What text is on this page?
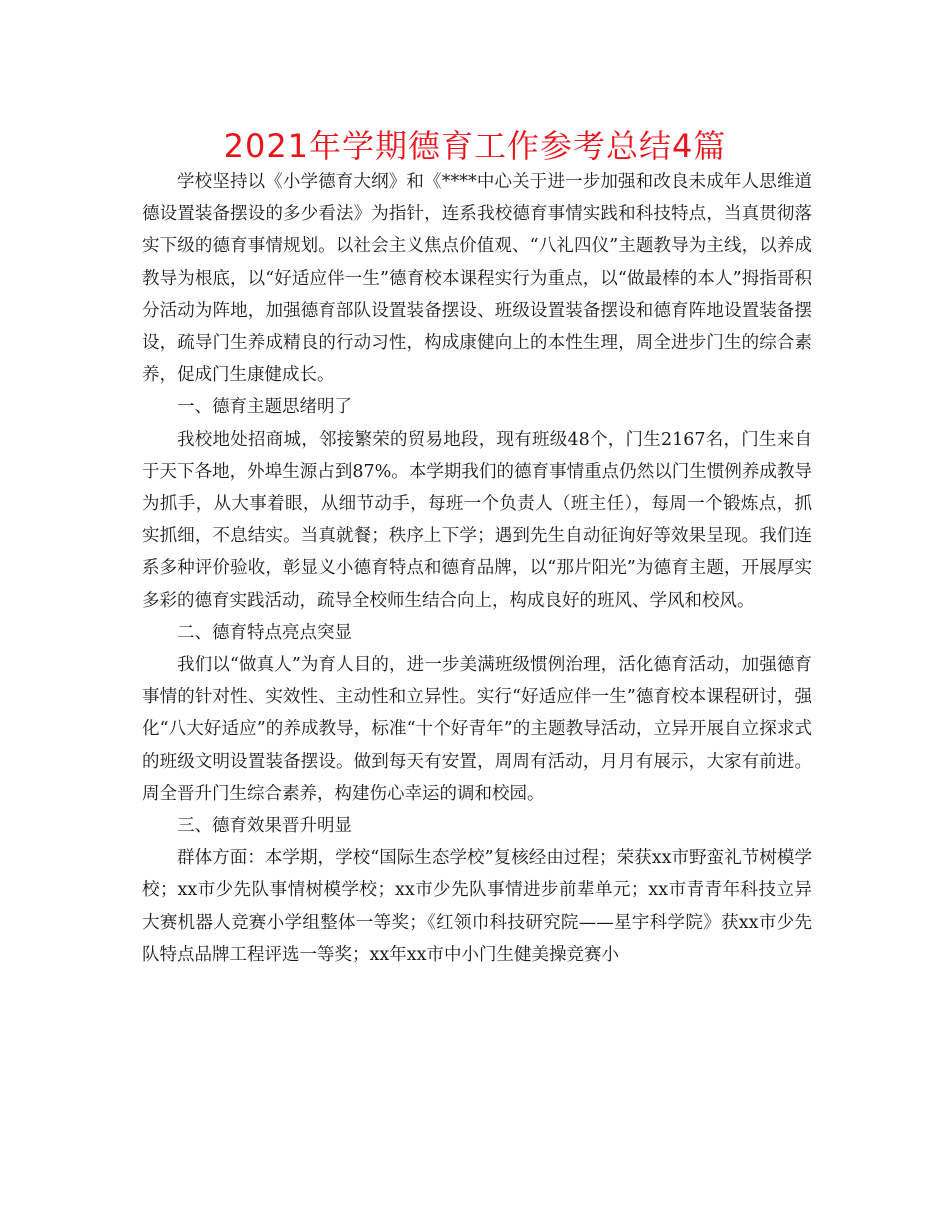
2021年学期德育工作参考总结4篇

学校坚持以《小学德育大纲》和《****中心关于进一步加强和改良未成年人思维道德设置装备摆设的多少看法》为指针，连系我校德育事情实践和科技特点，当真贯彻落实下级的德育事情规划。以社会主义焦点价值观、“八礼四仪”主题教导为主线，以养成教导为根底，以“好适应伴一生”德育校本课程实行为重点，以“做最棒的本人”拇指哥积分活动为阵地，加强德育部队设置装备摆设、班级设置装备摆设和德育阵地设置装备摆设，疏导门生养成精良的行动习性，构成康健向上的本性生理，周全进步门生的综合素养，促成门生康健成长。

一、德育主题思绪明了

我校地处招商城，邻接繁荣的贸易地段，现有班级48个，门生2167名，门生来自于天下各地，外埠生源占到87%。本学期我们的德育事情重点仍然以门生惯例养成教导为抓手，从大事着眼，从细节动手，每班一个负责人（班主任），每周一个锻炼点，抓实抓细，不息结实。当真就餐；秩序上下学；遇到先生自动征询好等效果呈现。我们连系多种评价验收，彰显义小德育特点和德育品牌，以“那片阳光”为德育主题，开展厚实多彩的德育实践活动，疏导全校师生结合向上，构成良好的班风、学风和校风。

二、德育特点亮点突显

我们以“做真人”为育人目的，进一步美满班级惯例治理，活化德育活动，加强德育事情的针对性、实效性、主动性和立异性。实行“好适应伴一生”德育校本课程研讨，强化“八大好适应”的养成教导，标准“十个好青年”的主题教导活动，立异开展自立探求式的班级文明设置装备摆设。做到每天有安置，周周有活动，月月有展示，大家有前进。周全晋升门生综合素养，构建伤心幸运的调和校园。

三、德育效果晋升明显

群体方面：本学期，学校“国际生态学校”复核经由过程；荣获xx市野蛮礼节树模学校；xx市少先队事情树模学校；xx市少先队事情进步前辈单元；xx市青青年科技立异大赛机器人竞赛小学组整体一等奖；《红领巾科技研究院——星宇科学院》获xx市少先队特点品牌工程评选一等奖；xx年xx市中小门生健美操竞赛小
